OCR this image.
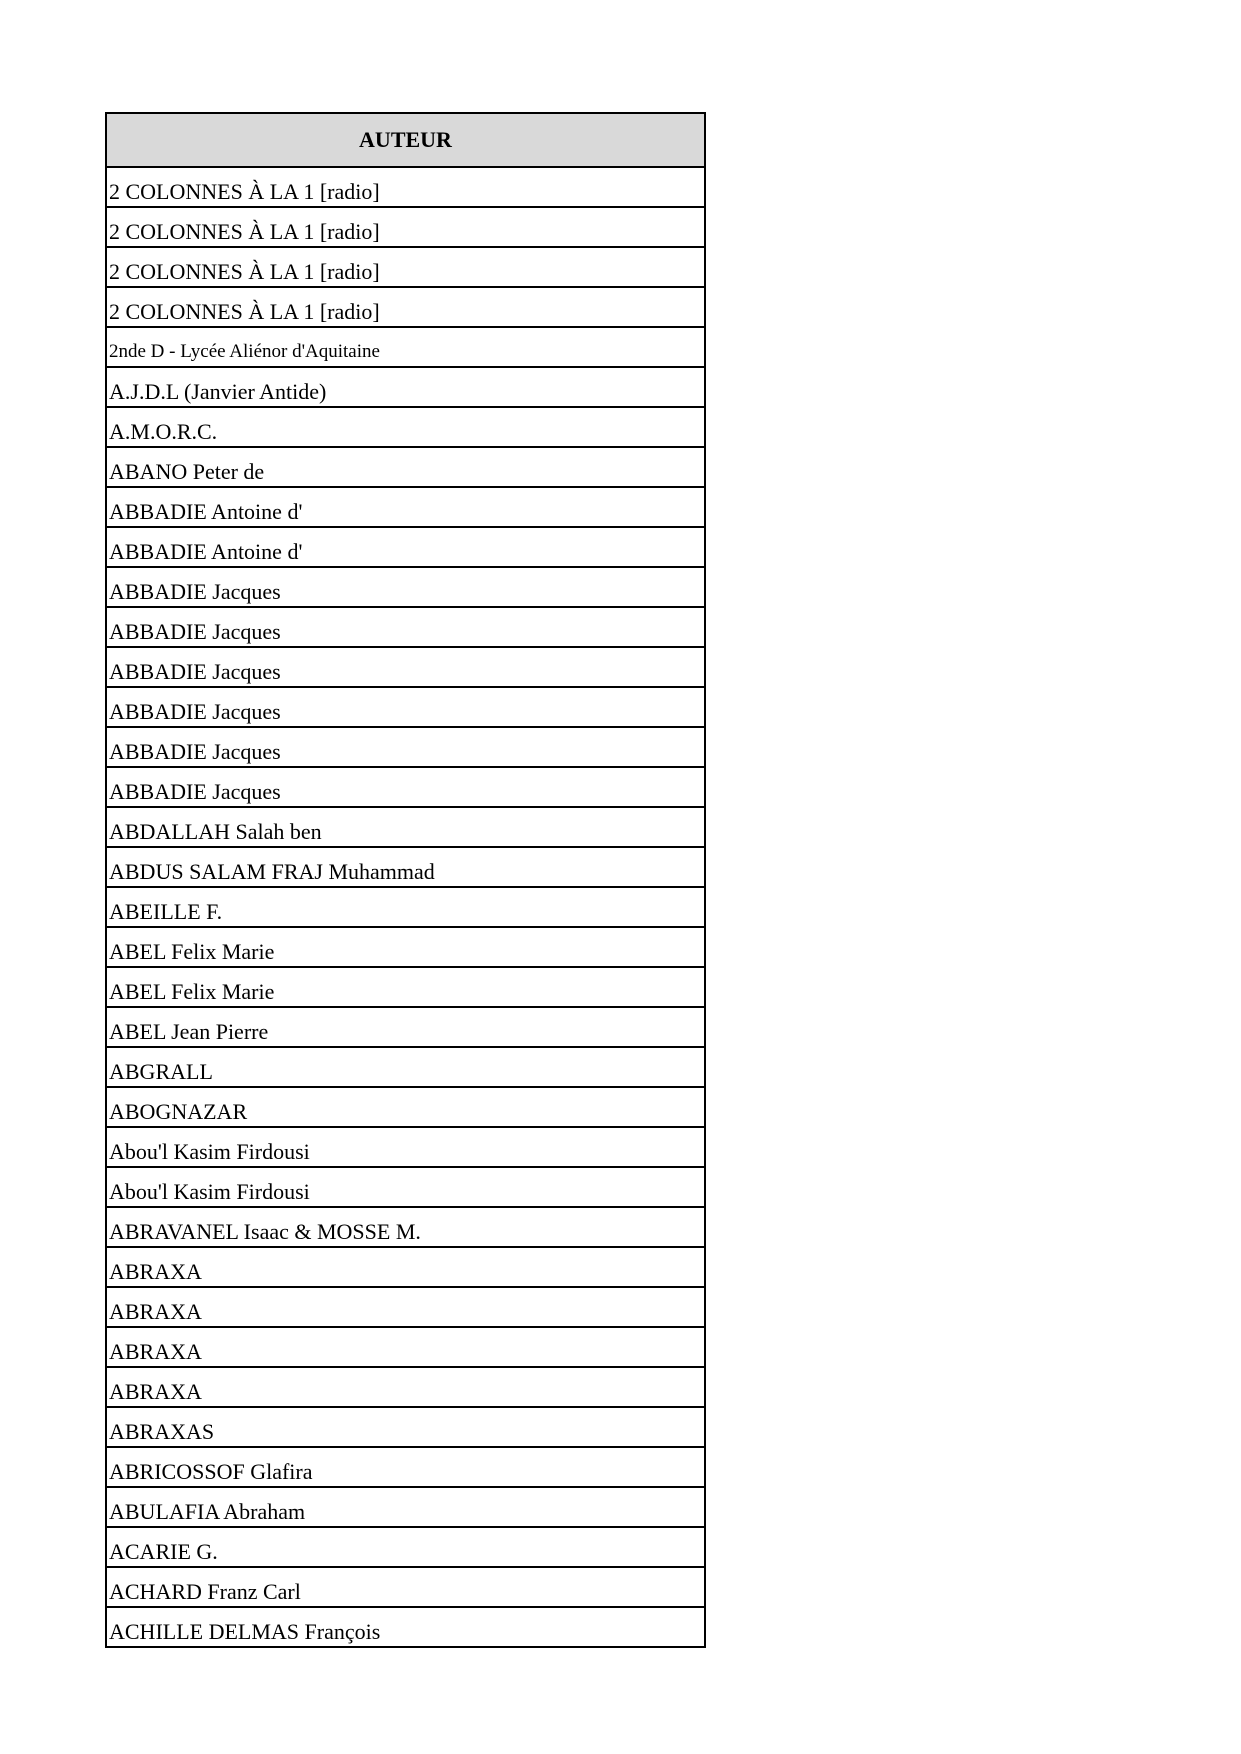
AUTEUR
2 COLONNES À LA 1 [radio]
2 COLONNES À LA 1 [radio]
2 COLONNES À LA 1 [radio]
2 COLONNES À LA 1 [radio]
2nde D - Lycée Aliénor d'Aquitaine
A.J.D.L (Janvier Antide)
A.M.O.R.C.
ABANO Peter de
ABBADIE Antoine d'
ABBADIE Antoine d'
ABBADIE Jacques
ABBADIE Jacques
ABBADIE Jacques
ABBADIE Jacques
ABBADIE Jacques
ABBADIE Jacques
ABDALLAH Salah ben
ABDUS SALAM FRAJ Muhammad
ABEILLE F.
ABEL Felix Marie
ABEL Felix Marie
ABEL Jean Pierre
ABGRALL
ABOGNAZAR
Abou'l Kasim Firdousi
Abou'l Kasim Firdousi
ABRAVANEL Isaac & MOSSE M.
ABRAXA
ABRAXA
ABRAXA
ABRAXA
ABRAXAS
ABRICOSSOF Glafira
ABULAFIA Abraham
ACARIE G.
ACHARD Franz Carl
ACHILLE DELMAS François
